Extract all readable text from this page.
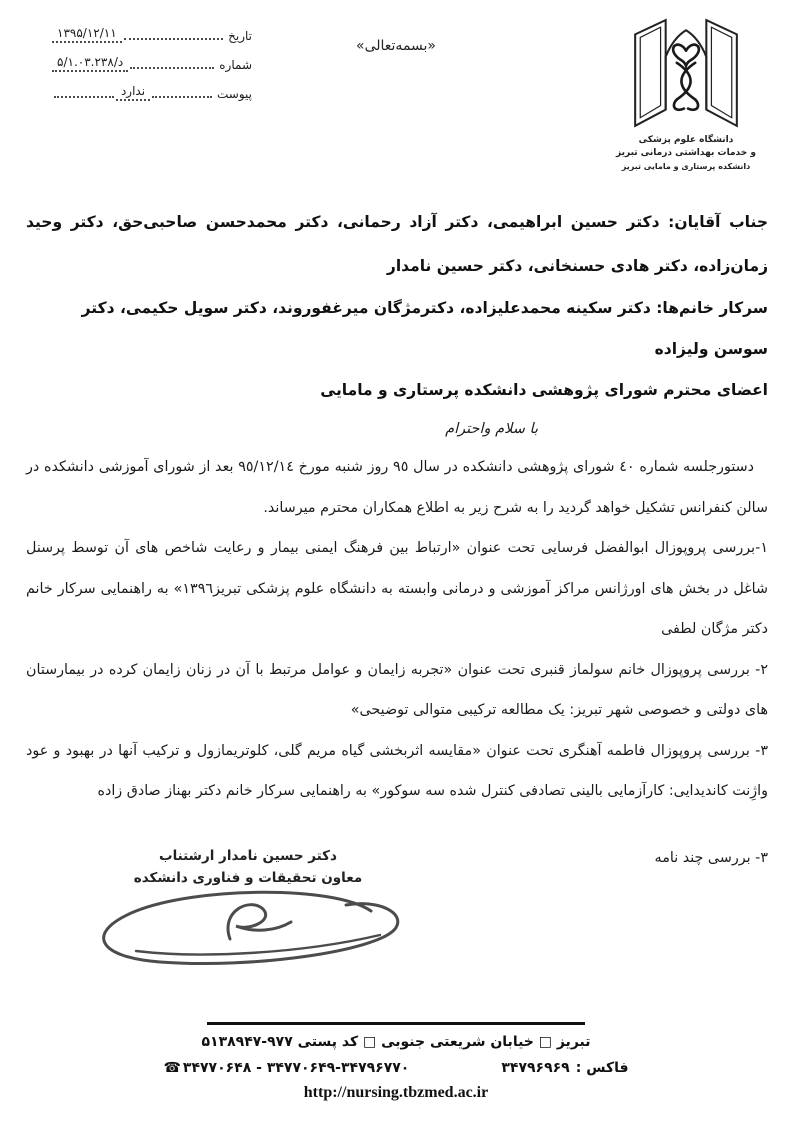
تاریخ
۱۳۹۵/۱۲/۱۱
شماره
۵/د/۱.۰۳.۲۳۸
پیوست
ندارد
«بسمه‌تعالی»
دانشگاه علوم پزشکی
و خدمات بهداشتی درمانی تبریز
دانشکده پرستاری و مامایی تبریز

جناب آقایان: دکتر حسین ابراهیمی، دکتر آزاد رحمانی، دکتر محمدحسن صاحبی‌حق، دکتر وحید زمان‌زاده، دکتر هادی حسنخانی، دکتر حسین نامدار

سرکار خانم‌ها: دکتر سکینه محمدعلیزاده، دکترمژگان میرغفوروند، دکتر سویل حکیمی، دکتر سوسن ولیزاده

اعضای محترم شورای پژوهشی دانشکده پرستاری و مامایی

با سلام واحترام

دستورجلسه شماره ٤٠ شورای پژوهشی دانشکده در سال ٩٥ روز شنبه مورخ ٩٥/١٢/١٤ بعد از شورای آموزشی دانشکده در سالن کنفرانس تشکیل خواهد گردید را به شرح زیر به اطلاع همکاران محترم میرساند.

١-بررسی پروپوزال ابوالفضل فرسایی تحت عنوان «ارتباط بین فرهنگ ایمنی بیمار و رعایت شاخص های آن توسط پرسنل شاغل در بخش های اورژانس مراکز آموزشی و درمانی وابسته به دانشگاه علوم پزشکی تبریز١٣٩٦» به راهنمایی سرکار خانم دکتر مژگان لطفی

٢- بررسی پروپوزال خانم سولماز قنبری تحت عنوان «تجربه زایمان و عوامل مرتبط با آن در زنان زایمان کرده در بیمارستان های دولتی و خصوصی شهر تبریز: یک مطالعه ترکیبی متوالی توضیحی»

٣- بررسی پروپوزال فاطمه آهنگری تحت عنوان «مقایسه اثربخشی گیاه مریم گلی، کلوتریمازول و ترکیب آنها در بهبود و عود واژِنت کاندیدایی: کارآزمایی بالینی تصادفی کنترل شده سه سوکور» به راهنمایی سرکار خانم دکتر بهناز صادق زاده

٣- بررسی چند نامه
دکتر حسین نامدار ارشتناب
معاون تحقیقات و فناوری دانشکده
تبریز □ خیابان شریعتی جنوبی □ کد پستی ۵۱۳۸۹۴۷-۹۷۷
☎ ۳۴۷۷۰۶۴۸ - ۳۴۷۷۰۶۴۹-۳۴۷۹۶۷۷۰	فاکس :
۳۴۷۹۶۹۶۹
http://nursing.tbzmed.ac.ir
